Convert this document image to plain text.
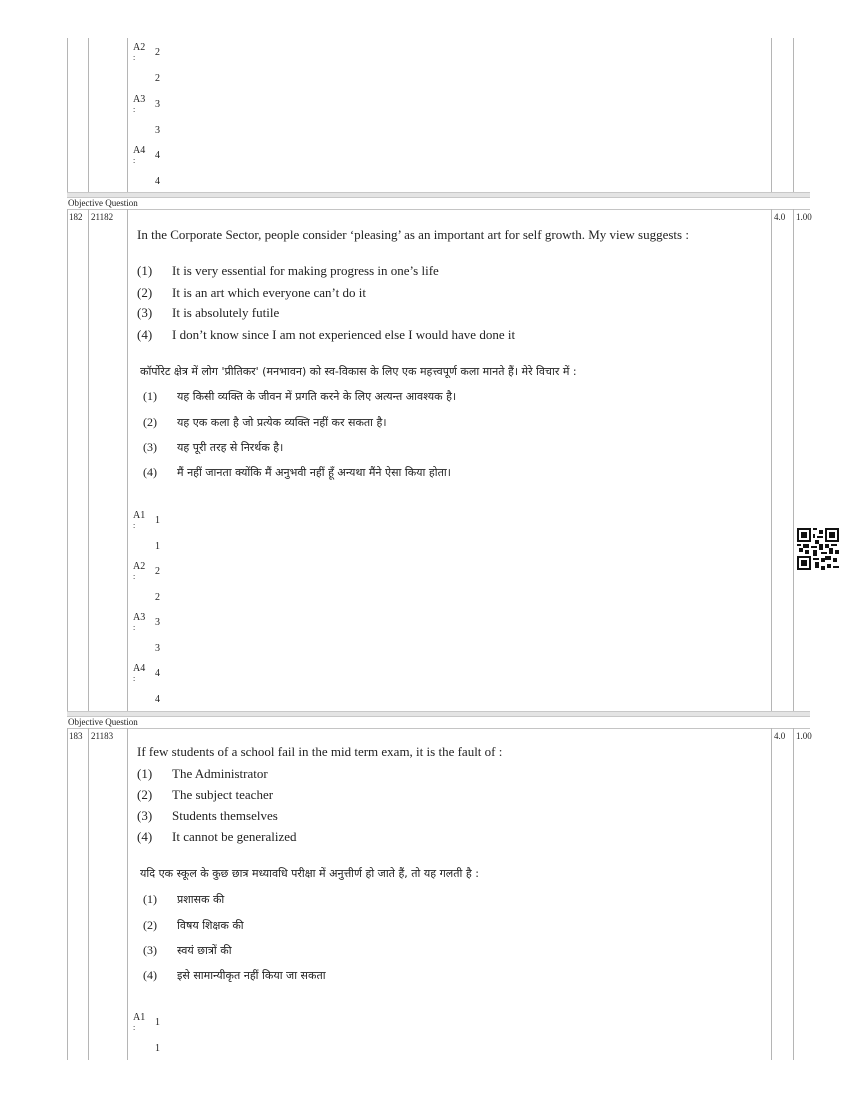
A2
: 2
2
A3
: 3
3
A4
: 4
4
Objective Question
182 21182	4.0 1.00
In the Corporate Sector, people consider ‘pleasing’ as an important art for self growth. My view suggests :
(1) It is very essential for making progress in one’s life
(2) It is an art which everyone can’t do it
(3) It is absolutely futile
(4) I don’t know since I am not experienced else I would have done it
कॉर्पोरेट क्षेत्र में लोग 'प्रीतिकर' (मनभावन) को स्व-विकास के लिए एक महत्त्वपूर्ण कला मानते हैं। मेरे विचार में :
(1) यह किसी व्यक्ति के जीवन में प्रगति करने के लिए अत्यन्त आवश्यक है।
(2) यह एक कला है जो प्रत्येक व्यक्ति नहीं कर सकता है।
(3) यह पूरी तरह से निरर्थक है।
(4) मैं नहीं जानता क्योंकि मैं अनुभवी नहीं हूँ अन्यथा मैंने ऐसा किया होता।
A1
: 1
1
A2
: 2
2
A3
: 3
3
A4
: 4
4
Objective Question
183 21183	4.0 1.00
If few students of a school fail in the mid term exam, it is the fault of :
(1) The Administrator
(2) The subject teacher
(3) Students themselves
(4) It cannot be generalized
यदि एक स्कूल के कुछ छात्र मध्यावधि परीक्षा में अनुत्तीर्ण हो जाते हैं, तो यह गलती है :
(1) प्रशासक की
(2) विषय शिक्षक की
(3) स्वयं छात्रों की
(4) इसे सामान्यीकृत नहीं किया जा सकता
A1
: 1
1
